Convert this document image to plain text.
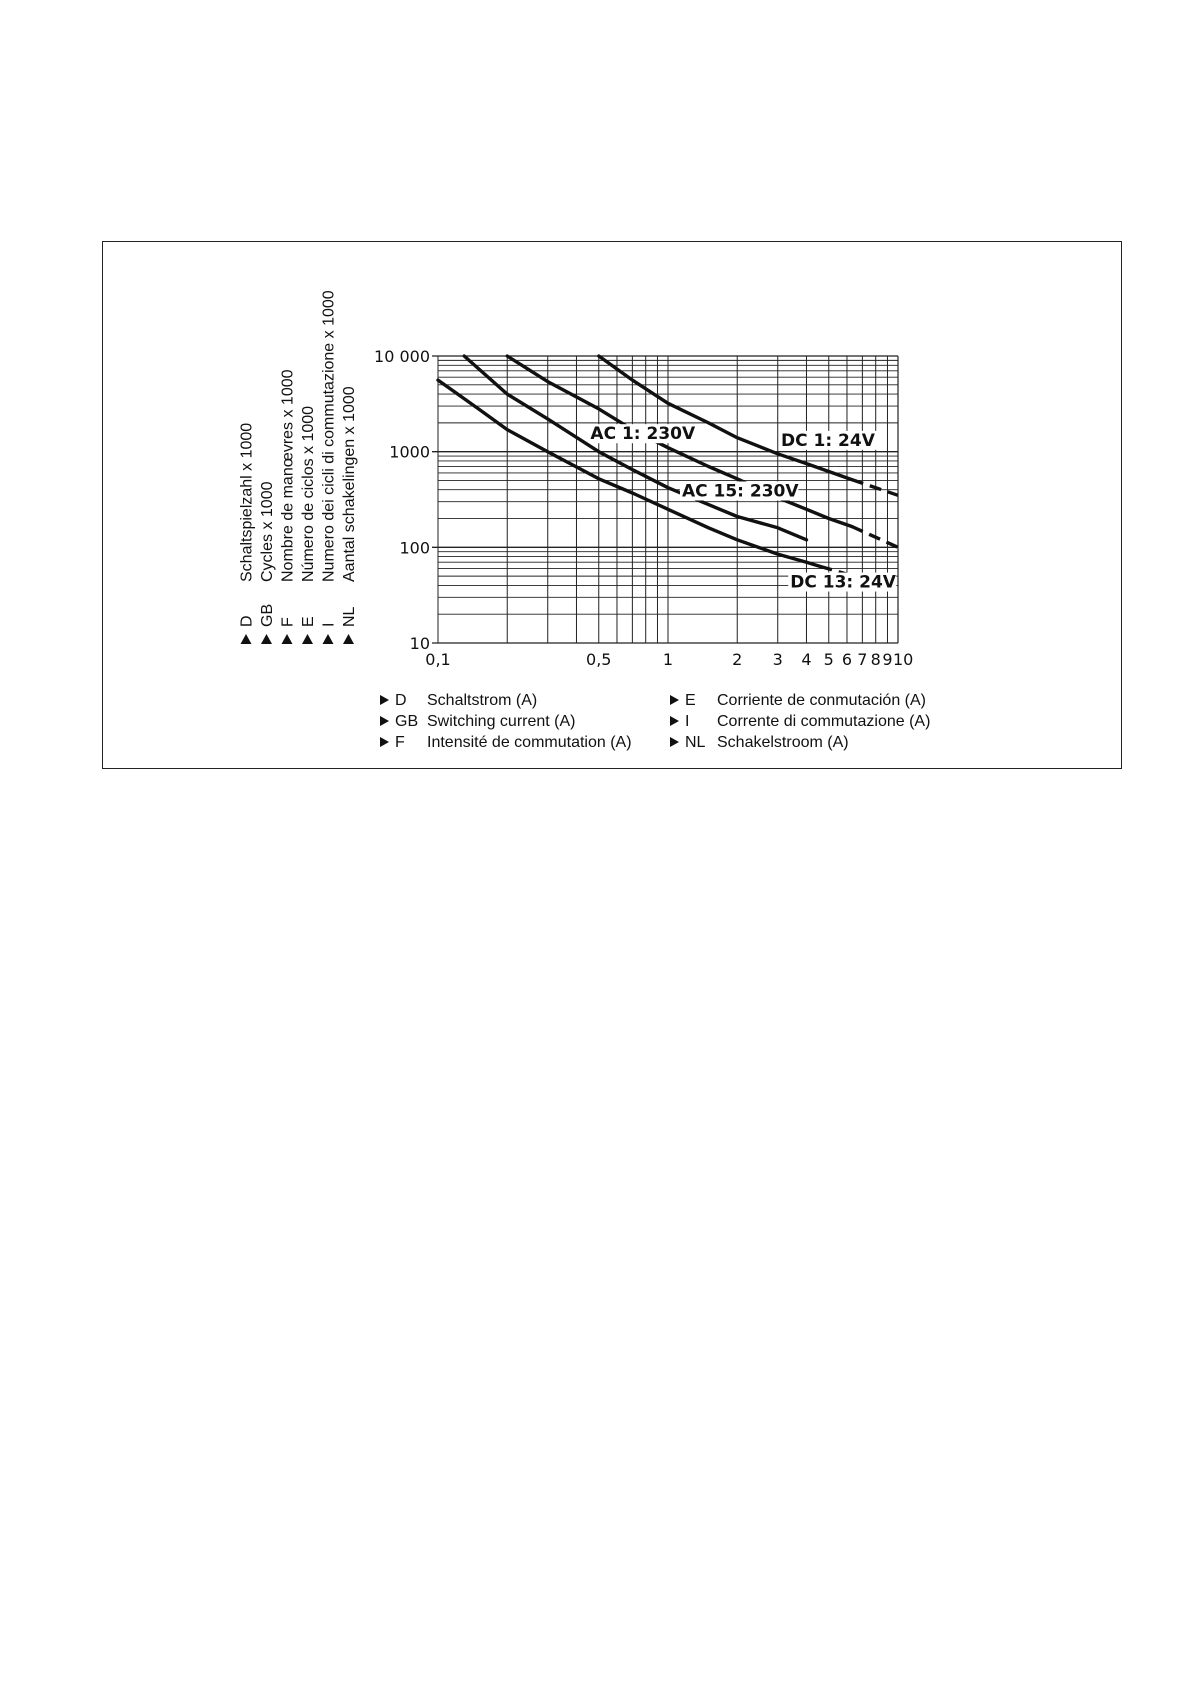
D
Schaltspielzahl x 1000
GB
Cycles x 1000
F
Nombre de manœvres x 1000
E
Número de ciclos x 1000
I
Numero dei cicli di commutazione x 1000
NL
Aantal schakelingen x 1000
10
100
1000
10 000
0,1	0,5	1	2 3 4 5 6 7 8 9 10
DC 1: 24V
AC 1: 230V
DC 13: 24V
AC 15: 230V
D Schaltstrom (A)	E Corriente de conmutación (A)
GB Switching current (A)	I Corrente di commutazione (A)
F Intensité de commutation (A)	NL Schakelstroom (A)
